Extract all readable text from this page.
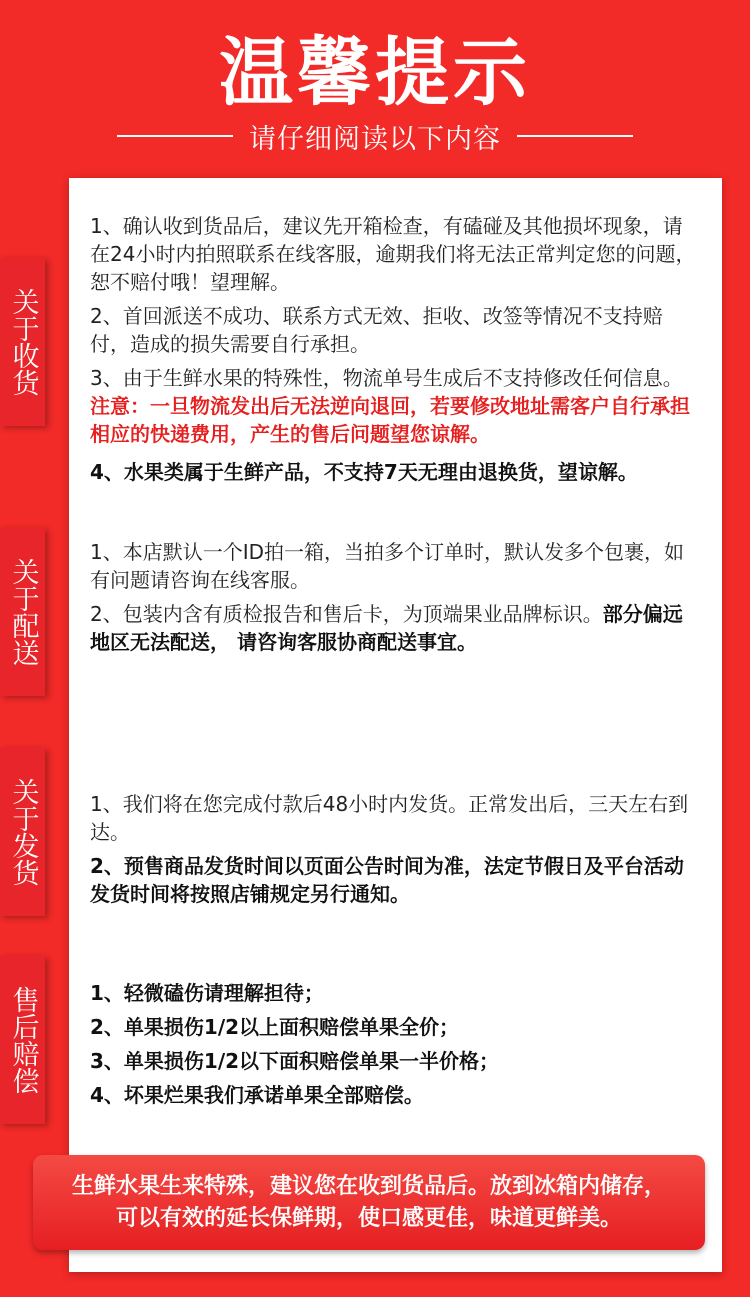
温馨提示
请仔细阅读以下内容
关于收货
关于配送
关于发货
售后赔偿

1、确认收到货品后，建议先开箱检查，有磕碰及其他损坏现象，请在24小时内拍照联系在线客服，逾期我们将无法正常判定您的问题，恕不赔付哦！望理解。

2、首回派送不成功、联系方式无效、拒收、改签等情况不支持赔付，造成的损失需要自行承担。

3、由于生鲜水果的特殊性，物流单号生成后不支持修改任何信息。注意：一旦物流发出后无法逆向退回，若要修改地址需客户自行承担相应的快递费用，产生的售后问题望您谅解。

4、水果类属于生鲜产品，不支持7天无理由退换货，望谅解。

1、本店默认一个ID拍一箱，当拍多个订单时，默认发多个包裹，如有问题请咨询在线客服。

2、包装内含有质检报告和售后卡，为顶端果业品牌标识。部分偏远地区无法配送， 请咨询客服协商配送事宜。

1、我们将在您完成付款后48小时内发货。正常发出后，三天左右到达。

2、预售商品发货时间以页面公告时间为准，法定节假日及平台活动发货时间将按照店铺规定另行通知。

1、轻微磕伤请理解担待；
2、单果损伤1/2以上面积赔偿单果全价；
3、单果损伤1/2以下面积赔偿单果一半价格；
4、坏果烂果我们承诺单果全部赔偿。
生鲜水果生来特殊，建议您在收到货品后。放到冰箱内储存，
可以有效的延长保鲜期，使口感更佳，味道更鲜美。
